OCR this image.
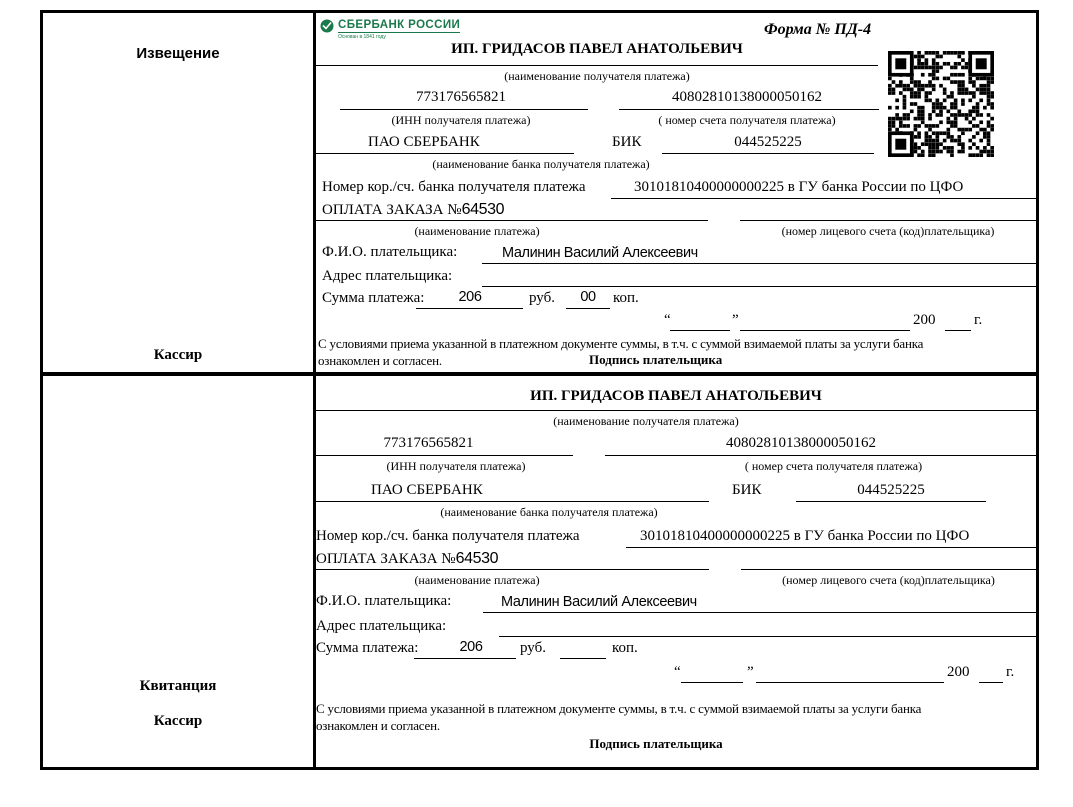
Извещение
Кассир
СБЕРБАНК РОССИИ
Основан в 1841 году	Форма № ПД-4
ИП. ГРИДАСОВ ПАВЕЛ АНАТОЛЬЕВИЧ
(наименование получателя платежа)
773176565821	40802810138000050162
(ИНН получателя платежа)	( номер счета получателя платежа)
ПАО СБЕРБАНК	БИК	044525225
(наименование банка получателя платежа)
Номер кор./сч. банка получателя платежа	30101810400000000225 в ГУ банка России по ЦФО
ОПЛАТА ЗАКАЗА №64530
(наименование платежа)	(номер лицевого счета (код)плательщика)
Ф.И.О. плательщика:	Малинин Василий Алексеевич
Адрес плательщика:
Сумма платежа:	206	руб.	00	коп.
“	”	200	г.
С условиями приема указанной в платежном документе суммы, в т.ч. с суммой взимаемой платы за услуги банка
ознакомлен и согласен.	Подпись плательщика
Квитанция
Кассир
ИП. ГРИДАСОВ ПАВЕЛ АНАТОЛЬЕВИЧ
(наименование получателя платежа)
773176565821	40802810138000050162
(ИНН получателя платежа)	( номер счета получателя платежа)
ПАО СБЕРБАНК	БИК	044525225
(наименование банка получателя платежа)
Номер кор./сч. банка получателя платежа	30101810400000000225 в ГУ банка России по ЦФО
ОПЛАТА ЗАКАЗА №64530
(наименование платежа)	(номер лицевого счета (код)плательщика)
Ф.И.О. плательщика:	Малинин Василий Алексеевич
Адрес плательщика:
Сумма платежа:	206	руб.	коп.
“	”	200 г.
С условиями приема указанной в платежном документе суммы, в т.ч. с суммой взимаемой платы за услуги банка
ознакомлен и согласен.
Подпись плательщика
